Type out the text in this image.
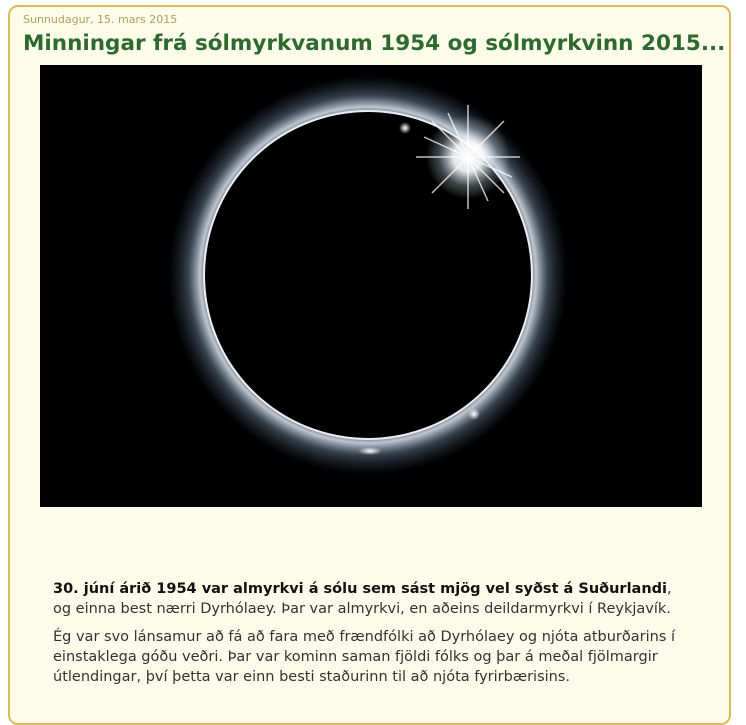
Sunnudagur, 15. mars 2015
Minningar frá sólmyrkvanum 1954 og sólmyrkvinn 2015...

30. júní árið 1954 var almyrkvi á sólu sem sást mjög vel syðst á Suðurlandi, og einna best nærri Dyrhólaey. Þar var almyrkvi, en aðeins deildarmyrkvi í Reykjavík.

Ég var svo lánsamur að fá að fara með frændfólki að Dyrhólaey og njóta atburðarins í einstaklega góðu veðri. Þar var kominn saman fjöldi fólks og þar á meðal fjölmargir útlendingar, því þetta var einn besti staðurinn til að njóta fyrirbærisins.
